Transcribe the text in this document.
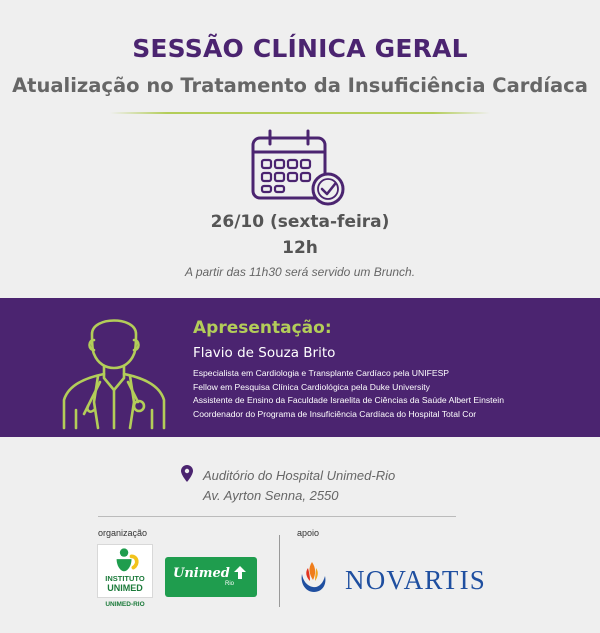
SESSÃO CLÍNICA GERAL
Atualização no Tratamento da Insuficiência Cardíaca
26/10 (sexta-feira)
12h
A partir das 11h30 será servido um Brunch.
Apresentação:
Flavio de Souza Brito
Especialista em Cardiologia e Transplante Cardíaco pela UNIFESP
Fellow em Pesquisa Clínica Cardiológica pela Duke University
Assistente de Ensino da Faculdade Israelita de Ciências da Saúde Albert Einstein
Coordenador do Programa de Insuficiência Cardíaca do Hospital Total Cor
Auditório do Hospital Unimed-Rio
Av. Ayrton Senna, 2550
organização	apoio
INSTITUTO
UNIMED
UNIMED-RIO
Unimed
Rio	NOVARTIS
